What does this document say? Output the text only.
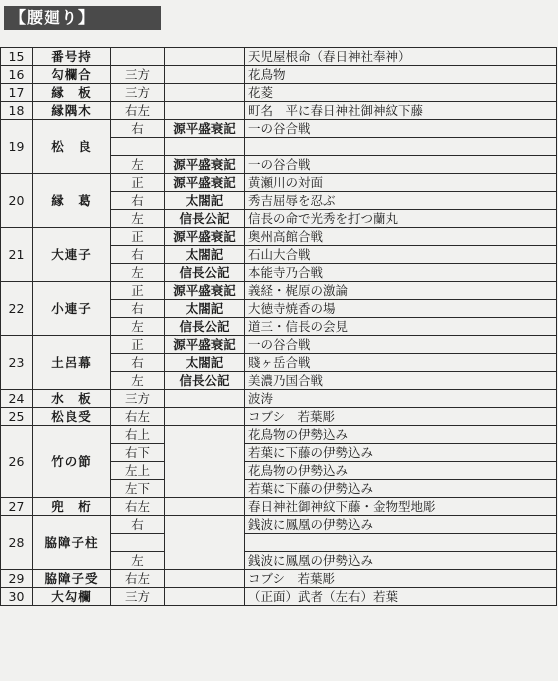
【腰廻り】
15	番号持			天児屋根命（春日神社奉神）
16	勾欄合	三方		花鳥物
17	縁　板	三方		花菱
18	縁隅木	右左		町名　平に春日神社御神紋下藤
19	松　良	右	源平盛衰記	一の谷合戦

		左	源平盛衰記	一の谷合戦
20	縁　葛	正	源平盛衰記	黄瀬川の対面
		右	太閤記	秀吉屈辱を忍ぶ
		左	信長公記	信長の命で光秀を打つ蘭丸
21	大連子	正	源平盛衰記	奥州高館合戦
		右	太閤記	石山大合戦
		左	信長公記	本能寺乃合戦
22	小連子	正	源平盛衰記	義経・梶原の激論
		右	太閤記	大徳寺焼香の場
		左	信長公記	道三・信長の会見
23	土呂幕	正	源平盛衰記	一の谷合戦
		右	太閤記	賤ヶ岳合戦
		左	信長公記	美濃乃国合戦
24	水　板	三方		波涛
25	松良受	右左		コブシ　若葉彫
26	竹の節	右上		花鳥物の伊勢込み
		右下		若葉に下藤の伊勢込み
		左上		花鳥物の伊勢込み
		左下		若葉に下藤の伊勢込み
27	兜　桁	右左		春日神社御神紋下藤・金物型地彫
28	脇障子柱	右		銭波に鳳凰の伊勢込み

		左		銭波に鳳凰の伊勢込み
29	脇障子受	右左		コブシ　若葉彫
30	大勾欄	三方		（正面）武者（左右）若葉
